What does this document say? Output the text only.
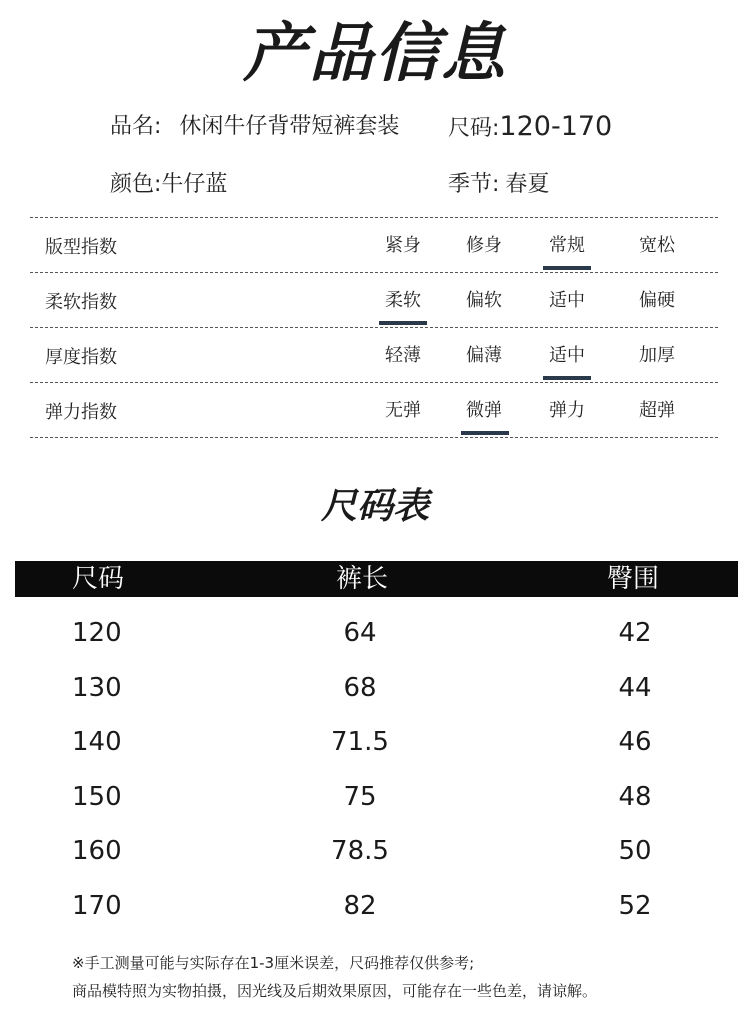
产品信息
品名: 休闲牛仔背带短裤套装 尺码:120-170
颜色:牛仔蓝	季节: 春夏
版型指数	紧身	修身	常规	宽松
柔软指数	柔软	偏软	适中	偏硬
厚度指数	轻薄	偏薄	适中	加厚
弹力指数	无弹	微弹	弹力	超弹
尺码表
尺码	裤长	臀围
120	64	42
130	68	44
140	71.5	46
150	75	48
160	78.5	50
170	82	52
※手工测量可能与实际存在1-3厘米误差，尺码推荐仅供参考;
商品模特照为实物拍摄，因光线及后期效果原因，可能存在一些色差，请谅解。
